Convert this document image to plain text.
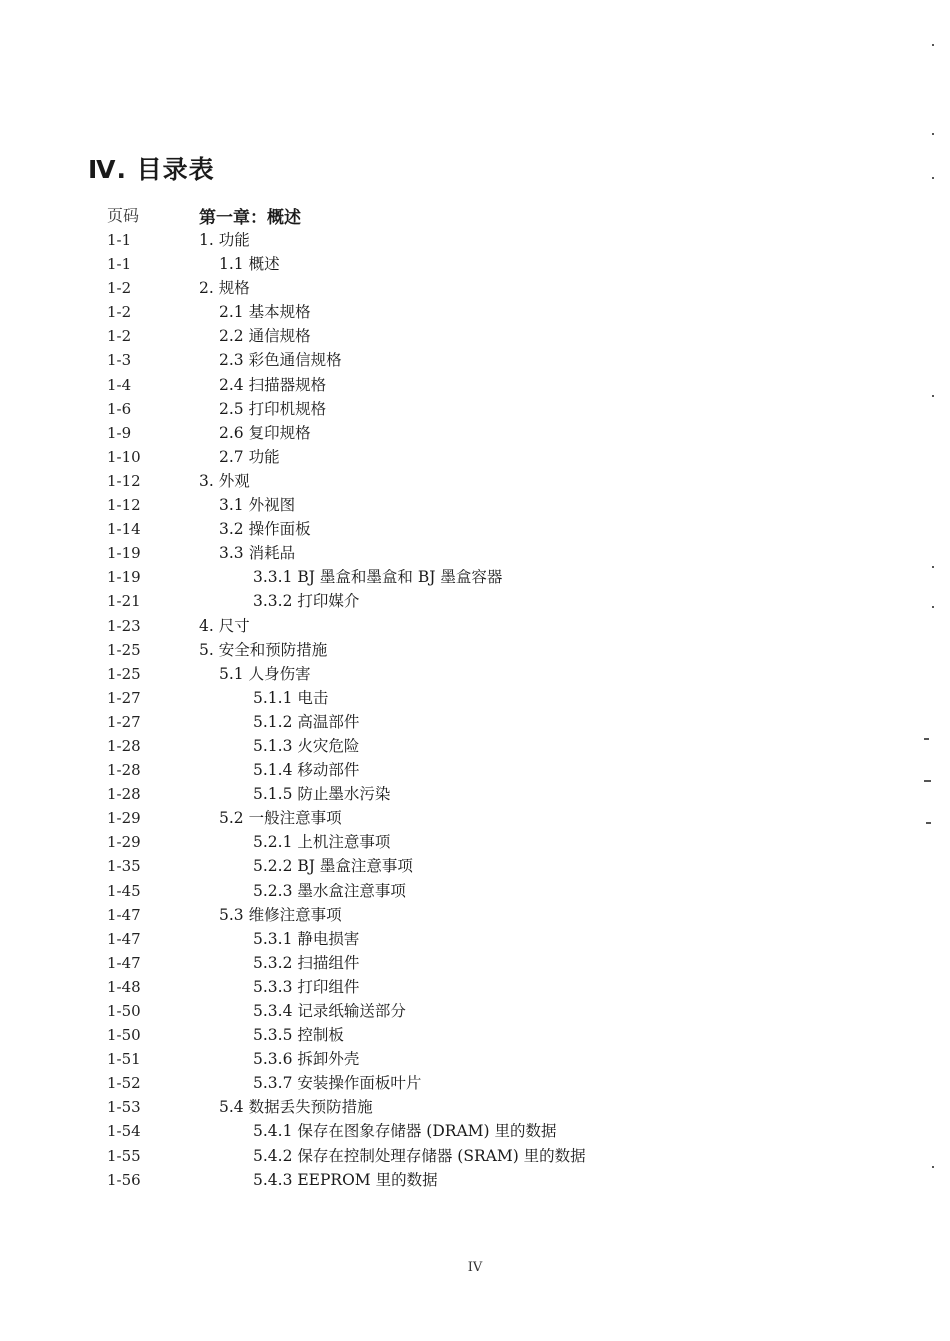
Ⅳ. 目录表
页码	第一章：概述
1-1	1. 功能
1-1	1.1 概述
1-2	2. 规格
1-2	2.1 基本规格
1-2	2.2 通信规格
1-3	2.3 彩色通信规格
1-4	2.4 扫描器规格
1-6	2.5 打印机规格
1-9	2.6 复印规格
1-10	2.7 功能
1-12	3. 外观
1-12	3.1 外视图
1-14	3.2 操作面板
1-19	3.3 消耗品
1-19	3.3.1 BJ 墨盒和墨盒和 BJ 墨盒容器
1-21	3.3.2 打印媒介
1-23	4. 尺寸
1-25	5. 安全和预防措施
1-25	5.1 人身伤害
1-27	5.1.1 电击
1-27	5.1.2 高温部件
1-28	5.1.3 火灾危险
1-28	5.1.4 移动部件
1-28	5.1.5 防止墨水污染
1-29	5.2 一般注意事项
1-29	5.2.1 上机注意事项
1-35	5.2.2 BJ 墨盒注意事项
1-45	5.2.3 墨水盒注意事项
1-47	5.3 维修注意事项
1-47	5.3.1 静电损害
1-47	5.3.2 扫描组件
1-48	5.3.3 打印组件
1-50	5.3.4 记录纸输送部分
1-50	5.3.5 控制板
1-51	5.3.6 拆卸外壳
1-52	5.3.7 安装操作面板叶片
1-53	5.4 数据丢失预防措施
1-54	5.4.1 保存在图象存储器 (DRAM) 里的数据
1-55	5.4.2 保存在控制处理存储器 (SRAM) 里的数据
1-56	5.4.3 EEPROM 里的数据
IV
